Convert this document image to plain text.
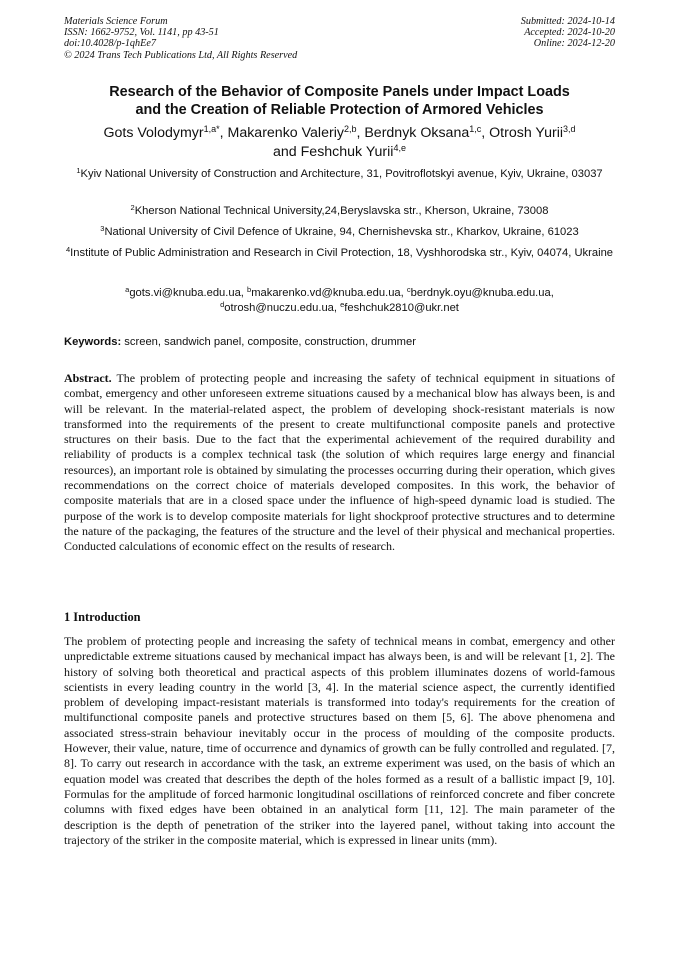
Materials Science Forum
ISSN: 1662-9752, Vol. 1141, pp 43-51
doi:10.4028/p-1qhEe7
© 2024 Trans Tech Publications Ltd, All Rights Reserved
Submitted: 2024-10-14
Accepted: 2024-10-20
Online: 2024-12-20
Research of the Behavior of Composite Panels under Impact Loads
and the Creation of Reliable Protection of Armored Vehicles
Gots Volodymyr$^{1,a*}$, Makarenko Valeriy$^{2,b}$, Berdnyk Oksana$^{1,c}$, Otrosh Yurii$^{3,d}$
and Feshchuk Yurii$^{4,e}$
$^1$Kyiv National University of Construction and Architecture, 31, Povitroflotskyi avenue, Kyiv, Ukraine, 03037
$^2$Kherson National Technical University,24,Beryslavska str., Kherson, Ukraine, 73008
$^3$National University of Civil Defence of Ukraine, 94, Chernishevska str., Kharkov, Ukraine, 61023
$^4$Institute of Public Administration and Research in Civil Protection, 18, Vyshhorodska str., Kyiv, 04074, Ukraine
$^a$gots.vi@knuba.edu.ua, $^b$makarenko.vd@knuba.edu.ua, $^c$berdnyk.oyu@knuba.edu.ua,
$^d$otrosh@nuczu.edu.ua, $^e$feshchuk2810@ukr.net
Keywords: screen, sandwich panel, composite, construction, drummer
Abstract. The problem of protecting people and increasing the safety of technical equipment in situations of combat, emergency and other unforeseen extreme situations caused by a mechanical blow has always been, is and will be relevant. In the material-related aspect, the problem of developing shock-resistant materials is now transformed into the requirements of the present to create multifunctional composite panels and protective structures on their basis. Due to the fact that the experimental achievement of the required durability and reliability of products is a complex technical task (the solution of which requires large energy and financial resources), an important role is obtained by simulating the processes occurring during their operation, which gives recommendations on the correct choice of materials developed composites. In this work, the behavior of composite materials that are in a closed space under the influence of high-speed dynamic load is studied. The purpose of the work is to develop composite materials for light shockproof protective structures and to determine the nature of the packaging, the features of the structure and the level of their physical and mechanical properties. Conducted calculations of economic effect on the results of research.
1 Introduction
The problem of protecting people and increasing the safety of technical means in combat, emergency and other unpredictable extreme situations caused by mechanical impact has always been, is and will be relevant [1, 2]. The history of solving both theoretical and practical aspects of this problem illuminates dozens of world-famous scientists in every leading country in the world [3, 4]. In the material science aspect, the currently identified problem of developing impact-resistant materials is transformed into today's requirements for the creation of multifunctional composite panels and protective structures based on them [5, 6]. The above phenomena and associated stress-strain behaviour inevitably occur in the process of moulding of the composite products. However, their value, nature, time of occurrence and dynamics of growth can be fully controlled and regulated. [7, 8]. To carry out research in accordance with the task, an extreme experiment was used, on the basis of which an equation model was created that describes the depth of the holes formed as a result of a ballistic impact [9, 10]. Formulas for the amplitude of forced harmonic longitudinal oscillations of reinforced concrete and fiber concrete columns with fixed edges have been obtained in an analytical form [11, 12]. The main parameter of the description is the depth of penetration of the striker into the layered panel, without taking into account the trajectory of the striker in the composite material, which is expressed in linear units (mm).
